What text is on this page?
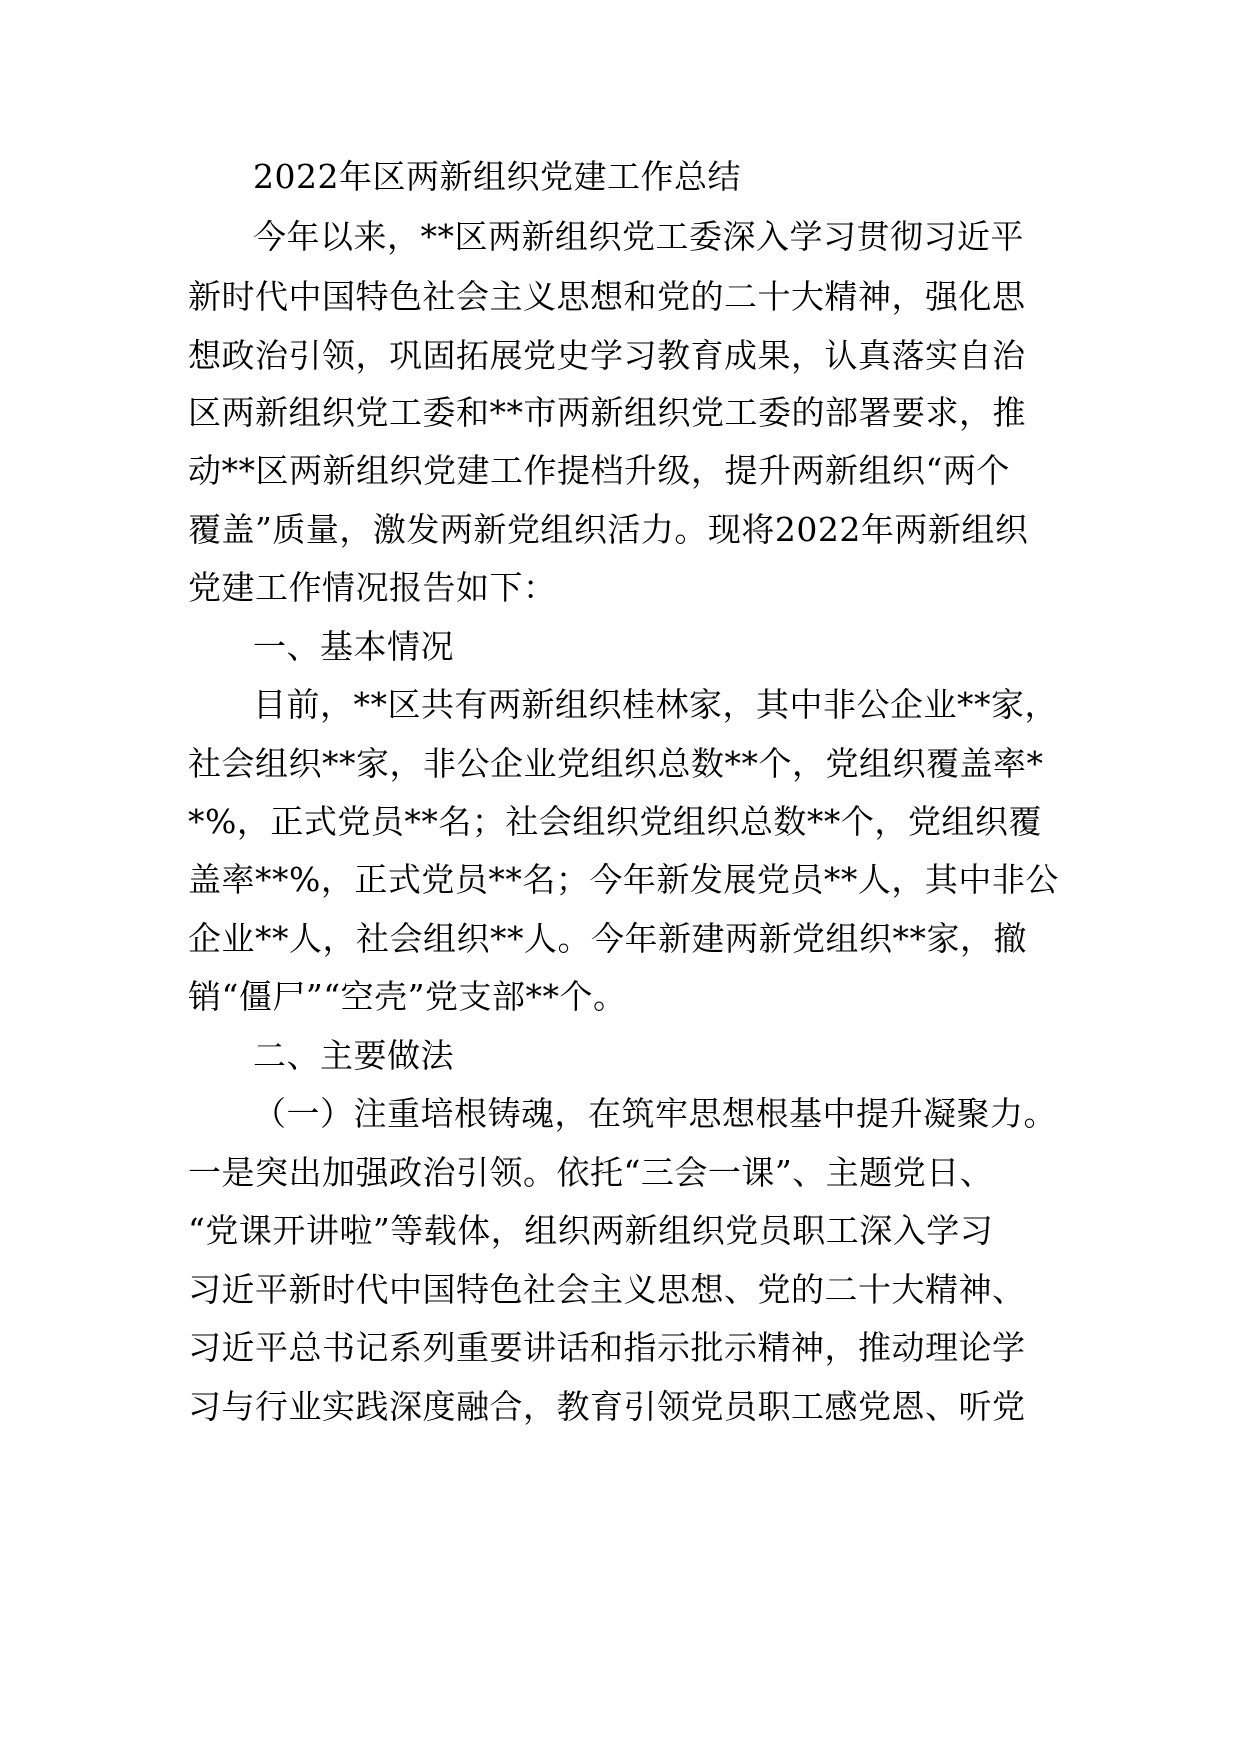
2022年区两新组织党建工作总结
今年以来，**区两新组织党工委深入学习贯彻习近平
新时代中国特色社会主义思想和党的二十大精神，强化思
想政治引领，巩固拓展党史学习教育成果，认真落实自治
区两新组织党工委和**市两新组织党工委的部署要求，推
动**区两新组织党建工作提档升级，提升两新组织“两个
覆盖”质量，激发两新党组织活力。现将2022年两新组织
党建工作情况报告如下：
一、基本情况
目前，**区共有两新组织桂林家，其中非公企业**家，
社会组织**家，非公企业党组织总数**个，党组织覆盖率*
*%，正式党员**名；社会组织党组织总数**个，党组织覆
盖率**%，正式党员**名；今年新发展党员**人，其中非公
企业**人，社会组织**人。今年新建两新党组织**家，撤
销“僵尸”“空壳”党支部**个。
二、主要做法
（一）注重培根铸魂，在筑牢思想根基中提升凝聚力。
一是突出加强政治引领。依托“三会一课”、主题党日、
“党课开讲啦”等载体，组织两新组织党员职工深入学习
习近平新时代中国特色社会主义思想、党的二十大精神、
习近平总书记系列重要讲话和指示批示精神，推动理论学
习与行业实践深度融合，教育引领党员职工感党恩、听党
